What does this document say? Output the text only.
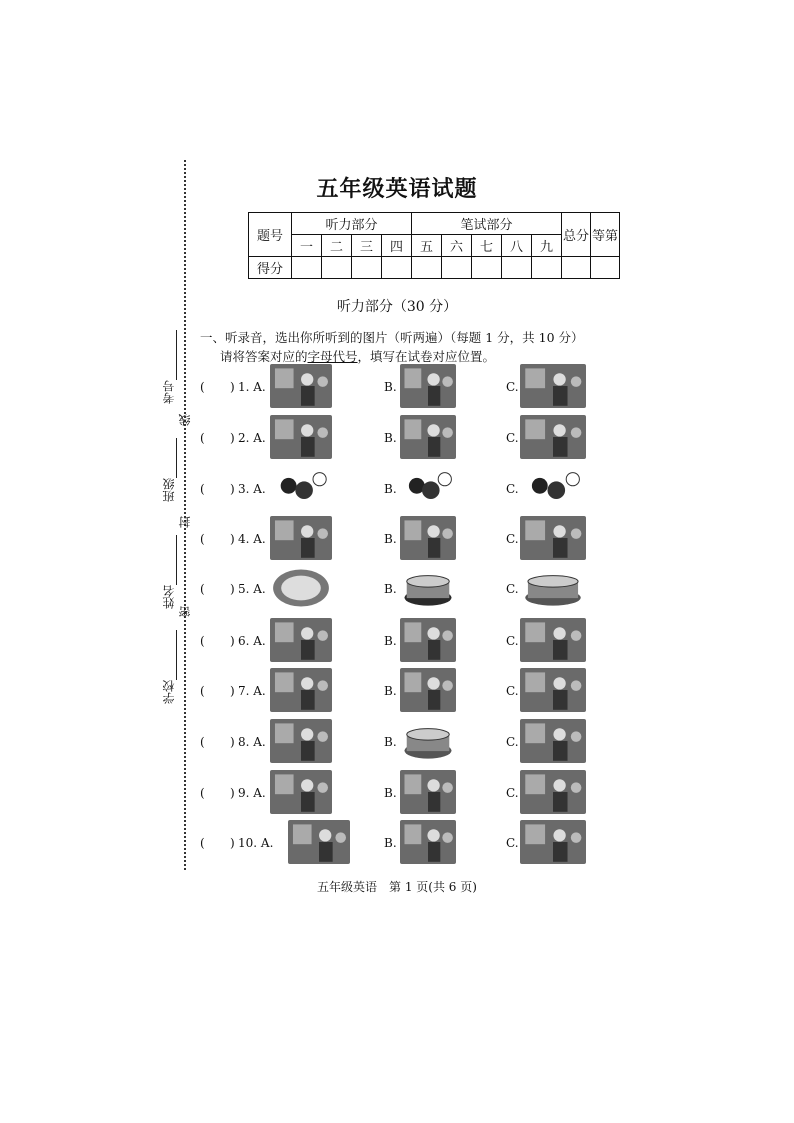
考号
线
班级
封
姓名
密
学校
五年级英语试题
题号	听力部分				笔试部分					总分	等第
	一	二	三	四	五	六	七	八	九		
得分											
听力部分（30 分）
一、听录音，选出你所听到的图片（听两遍）（每题 1 分，共 10 分）
请将答案对应的字母代号，填写在试卷对应位置。
( ) 1. A.	B.	C.
( ) 2. A.	B.	C.
( ) 3. A.	B.	C.
( ) 4. A.	B.	C.
( ) 5. A.	B.	C.
( ) 6. A.	B.	C.
( ) 7. A.	B.	C.
( ) 8. A.	B.	C.
( ) 9. A.	B.	C.
( ) 10. A.	B.	C.
五年级英语　第 1 页(共 6 页)
